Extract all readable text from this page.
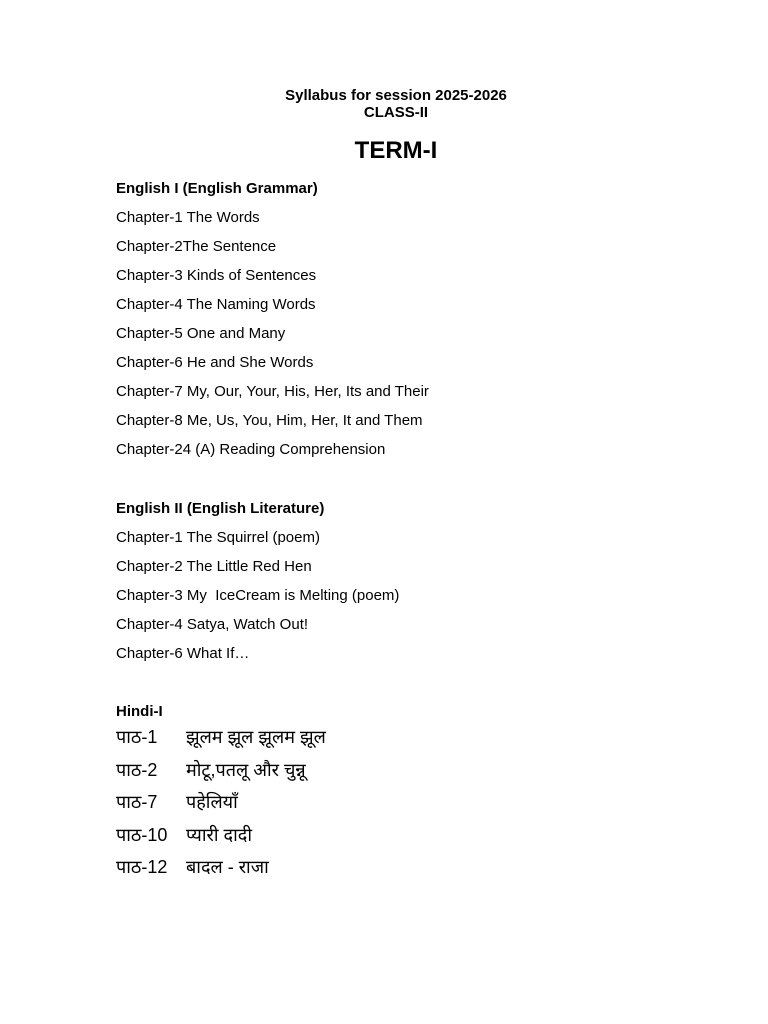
Syllabus for session 2025-2026
CLASS-II
TERM-I
English I (English Grammar)
Chapter-1 The Words
Chapter-2The Sentence
Chapter-3 Kinds of Sentences
Chapter-4 The Naming Words
Chapter-5 One and Many
Chapter-6 He and She Words
Chapter-7 My, Our, Your, His, Her, Its and Their
Chapter-8 Me, Us, You, Him, Her, It and Them
Chapter-24 (A) Reading Comprehension
English II (English Literature)
Chapter-1 The Squirrel (poem)
Chapter-2 The Little Red Hen
Chapter-3 My  IceCream is Melting (poem)
Chapter-4 Satya, Watch Out!
Chapter-6 What If…
Hindi-I
पाठ-1	झूलम झूल झूलम झूल
पाठ-2	मोटू,पतलू और चुन्नू
पाठ-7	पहेलियाँ
पाठ-10	प्यारी दादी
पाठ-12	बादल - राजा
